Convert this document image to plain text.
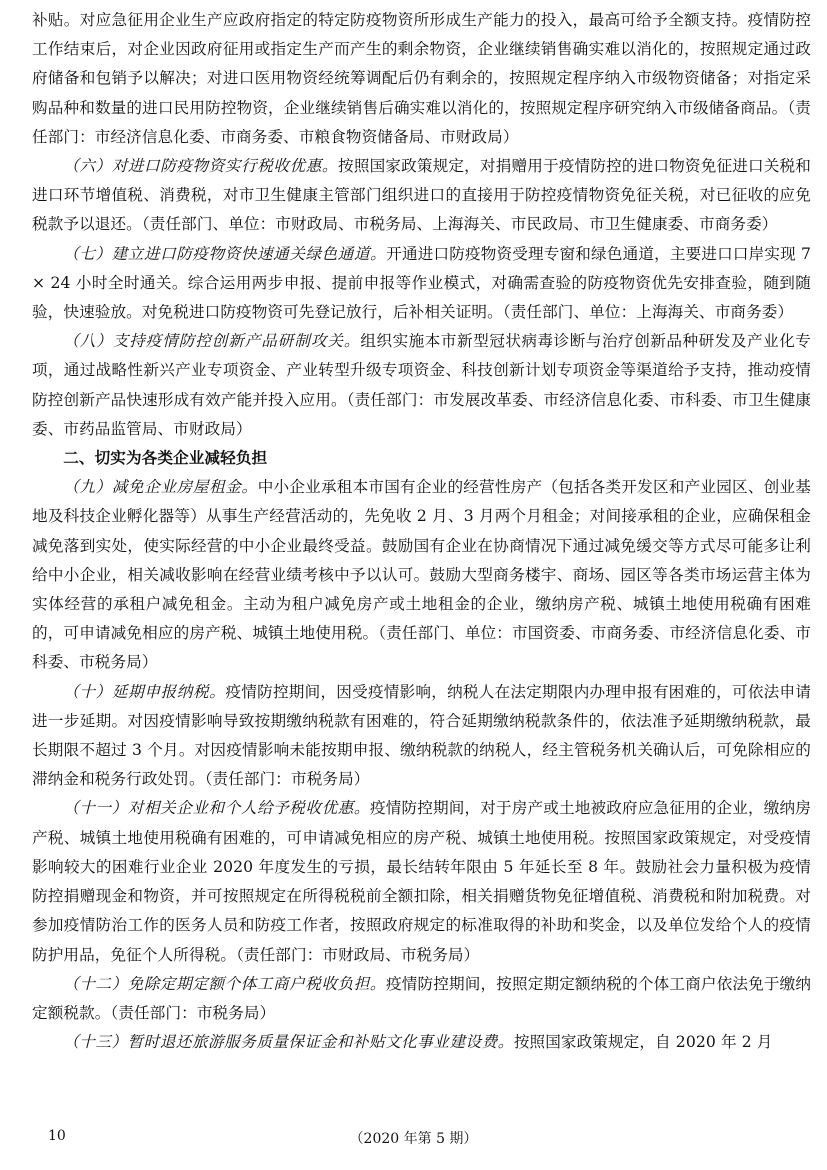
补贴。对应急征用企业生产应政府指定的特定防疫物资所形成生产能力的投入，最高可给予全额支持。疫情防控工作结束后，对企业因政府征用或指定生产而产生的剩余物资，企业继续销售确实难以消化的，按照规定通过政府储备和包销予以解决；对进口医用物资经统筹调配后仍有剩余的，按照规定程序纳入市级物资储备；对指定采购品种和数量的进口民用防控物资，企业继续销售后确实难以消化的，按照规定程序研究纳入市级储备商品。（责任部门：市经济信息化委、市商务委、市粮食物资储备局、市财政局）

（六）对进口防疫物资实行税收优惠。按照国家政策规定，对捐赠用于疫情防控的进口物资免征进口关税和进口环节增值税、消费税，对市卫生健康主管部门组织进口的直接用于防控疫情物资免征关税，对已征收的应免税款予以退还。（责任部门、单位：市财政局、市税务局、上海海关、市民政局、市卫生健康委、市商务委）

（七）建立进口防疫物资快速通关绿色通道。开通进口防疫物资受理专窗和绿色通道，主要进口口岸实现 7 × 24 小时全时通关。综合运用两步申报、提前申报等作业模式，对确需查验的防疫物资优先安排查验，随到随验，快速验放。对免税进口防疫物资可先登记放行，后补相关证明。（责任部门、单位：上海海关、市商务委）

（八）支持疫情防控创新产品研制攻关。组织实施本市新型冠状病毒诊断与治疗创新品种研发及产业化专项，通过战略性新兴产业专项资金、产业转型升级专项资金、科技创新计划专项资金等渠道给予支持，推动疫情防控创新产品快速形成有效产能并投入应用。（责任部门：市发展改革委、市经济信息化委、市科委、市卫生健康委、市药品监管局、市财政局）

二、切实为各类企业减轻负担

（九）减免企业房屋租金。中小企业承租本市国有企业的经营性房产（包括各类开发区和产业园区、创业基地及科技企业孵化器等）从事生产经营活动的，先免收 2 月、3 月两个月租金；对间接承租的企业，应确保租金减免落到实处，使实际经营的中小企业最终受益。鼓励国有企业在协商情况下通过减免缓交等方式尽可能多让利给中小企业，相关减收影响在经营业绩考核中予以认可。鼓励大型商务楼宇、商场、园区等各类市场运营主体为实体经营的承租户减免租金。主动为租户减免房产或土地租金的企业，缴纳房产税、城镇土地使用税确有困难的，可申请减免相应的房产税、城镇土地使用税。（责任部门、单位：市国资委、市商务委、市经济信息化委、市科委、市税务局）

（十）延期申报纳税。疫情防控期间，因受疫情影响，纳税人在法定期限内办理申报有困难的，可依法申请进一步延期。对因疫情影响导致按期缴纳税款有困难的，符合延期缴纳税款条件的，依法准予延期缴纳税款，最长期限不超过 3 个月。对因疫情影响未能按期申报、缴纳税款的纳税人，经主管税务机关确认后，可免除相应的滞纳金和税务行政处罚。（责任部门：市税务局）

（十一）对相关企业和个人给予税收优惠。疫情防控期间，对于房产或土地被政府应急征用的企业，缴纳房产税、城镇土地使用税确有困难的，可申请减免相应的房产税、城镇土地使用税。按照国家政策规定，对受疫情影响较大的困难行业企业 2020 年度发生的亏损，最长结转年限由 5 年延长至 8 年。鼓励社会力量积极为疫情防控捐赠现金和物资，并可按照规定在所得税税前全额扣除，相关捐赠货物免征增值税、消费税和附加税费。对参加疫情防治工作的医务人员和防疫工作者，按照政府规定的标准取得的补助和奖金，以及单位发给个人的疫情防护用品，免征个人所得税。（责任部门：市财政局、市税务局）

（十二）免除定期定额个体工商户税收负担。疫情防控期间，按照定期定额纳税的个体工商户依法免于缴纳定额税款。（责任部门：市税务局）

（十三）暂时退还旅游服务质量保证金和补贴文化事业建设费。按照国家政策规定，自 2020 年 2 月

10	（2020 年第 5 期）
